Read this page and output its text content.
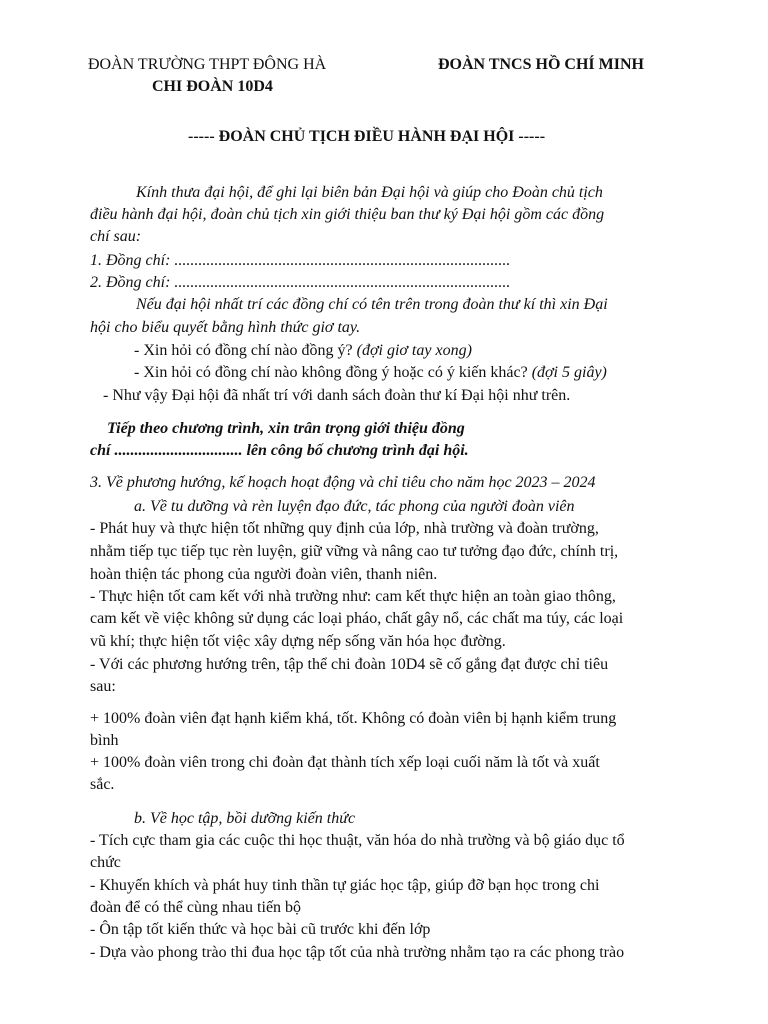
ĐOÀN TRƯỜNG THPT ĐÔNG HÀ
CHI ĐOÀN 10D4
ĐOÀN TNCS HỒ CHÍ MINH
----- ĐOÀN CHỦ TỊCH ĐIỀU HÀNH ĐẠI HỘI -----
Kính thưa đại hội, để ghi lại biên bản Đại hội và giúp cho Đoàn chủ tịch
điều hành đại hội, đoàn chủ tịch xin giới thiệu ban thư ký Đại hội gồm các đồng
chí sau:
1. Đồng chí: ....................................................................................
2. Đồng chí: ....................................................................................
Nếu đại hội nhất trí các đồng chí có tên trên trong đoàn thư kí thì xin Đại
hội cho biểu quyết bằng hình thức giơ tay.
- Xin hỏi có đồng chí nào đồng ý? (đợi giơ tay xong)
- Xin hỏi có đồng chí nào không đồng ý hoặc có ý kiến khác? (đợi 5 giây)
- Như vậy Đại hội đã nhất trí với danh sách đoàn thư kí Đại hội như trên.
Tiếp theo chương trình, xin trân trọng giới thiệu đồng
chí ................................ lên công bố chương trình đại hội.
3. Về phương hướng, kế hoạch hoạt động và chỉ tiêu cho năm học 2023 – 2024
a. Về tu dưỡng và rèn luyện đạo đức, tác phong của người đoàn viên
- Phát huy và thực hiện tốt những quy định của lớp, nhà trường và đoàn trường,
nhằm tiếp tục tiếp tục rèn luyện, giữ vững và nâng cao tư tưởng đạo đức, chính trị,
hoàn thiện tác phong của người đoàn viên, thanh niên.
- Thực hiện tốt cam kết với nhà trường như: cam kết thực hiện an toàn giao thông,
cam kết về việc không sử dụng các loại pháo, chất gây nổ, các chất ma túy, các loại
vũ khí; thực hiện tốt việc xây dựng nếp sống văn hóa học đường.
- Với các phương hướng trên, tập thể chi đoàn 10D4 sẽ cố gắng đạt được chỉ tiêu
sau:
+ 100% đoàn viên đạt hạnh kiểm khá, tốt. Không có đoàn viên bị hạnh kiểm trung
bình
+ 100% đoàn viên trong chi đoàn đạt thành tích xếp loại cuối năm là tốt và xuất
sắc.
b. Về học tập, bồi dưỡng kiến thức
- Tích cực tham gia các cuộc thi học thuật, văn hóa do nhà trường và bộ giáo dục tổ
chức
- Khuyến khích và phát huy tinh thần tự giác học tập, giúp đỡ bạn học trong chi
đoàn để có thể cùng nhau tiến bộ
- Ôn tập tốt kiến thức và học bài cũ trước khi đến lớp
- Dựa vào phong trào thi đua học tập tốt của nhà trường nhằm tạo ra các phong trào
